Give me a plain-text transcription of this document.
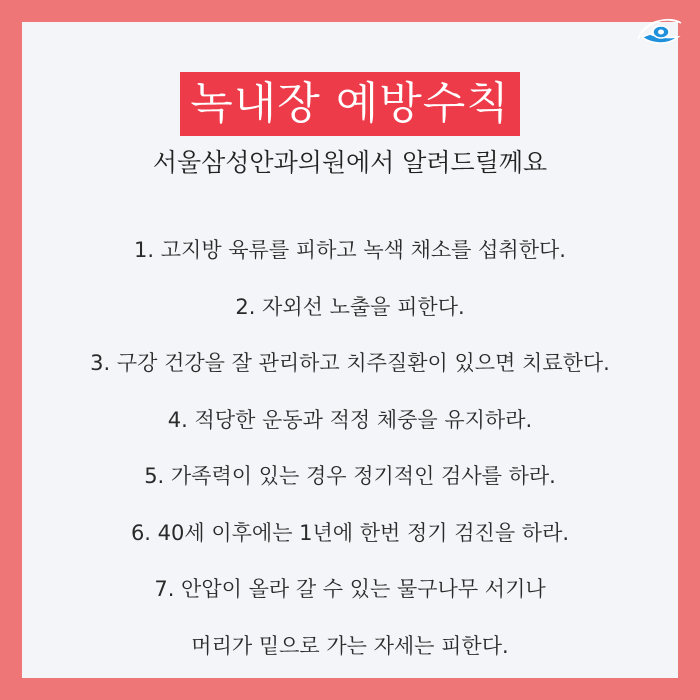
녹내장 예방수칙
서울삼성안과의원에서 알려드릴께요
1. 고지방 육류를 피하고 녹색 채소를 섭취한다.
2. 자외선 노출을 피한다.
3. 구강 건강을 잘 관리하고 치주질환이 있으면 치료한다.
4. 적당한 운동과 적정 체중을 유지하라.
5. 가족력이 있는 경우 정기적인 검사를 하라.
6. 40세 이후에는 1년에 한번 정기 검진을 하라.
7. 안압이 올라 갈 수 있는 물구나무 서기나
머리가 밑으로 가는 자세는 피한다.
